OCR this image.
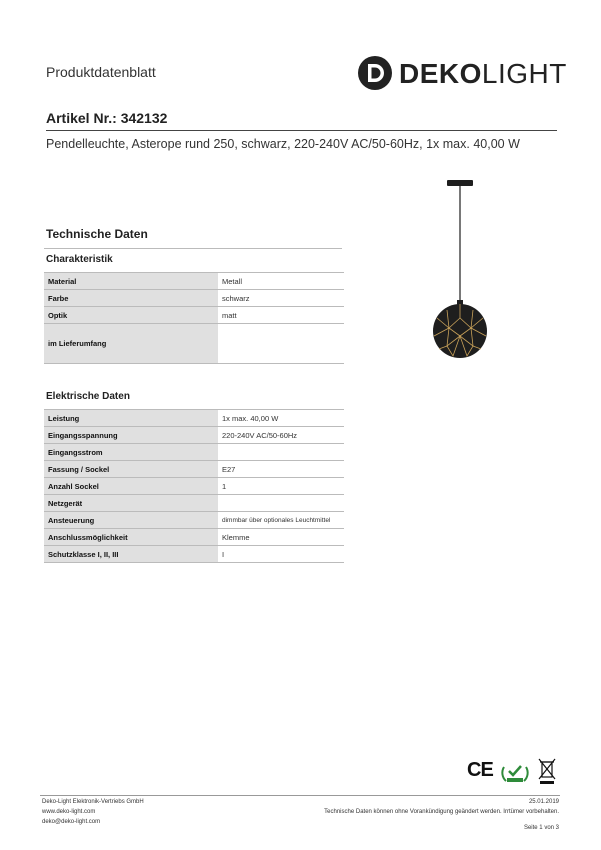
Produktdatenblatt	DEKOLIGHT
Artikel Nr.: 342132
Pendelleuchte, Asterope rund 250, schwarz, 220-240V AC/50-60Hz, 1x max. 40,00 W
Technische Daten
Charakteristik
Material	Metall
Farbe	schwarz
Optik	matt
im Lieferumfang	
Elektrische Daten
Leistung	1x max. 40,00 W
Eingangsspannung	220-240V AC/50-60Hz
Eingangsstrom	
Fassung / Sockel	E27
Anzahl Sockel	1
Netzgerät	
Ansteuerung	dimmbar über optionales Leuchtmittel
Anschlussmöglichkeit	Klemme
Schutzklasse I, II, III	I
CE
Deko-Light Elektronik-Vertriebs GmbH
www.deko-light.com
deko@deko-light.com
25.01.2019
Technische Daten können ohne Vorankündigung geändert werden. Irrtümer vorbehalten.
Seite 1 von 3
